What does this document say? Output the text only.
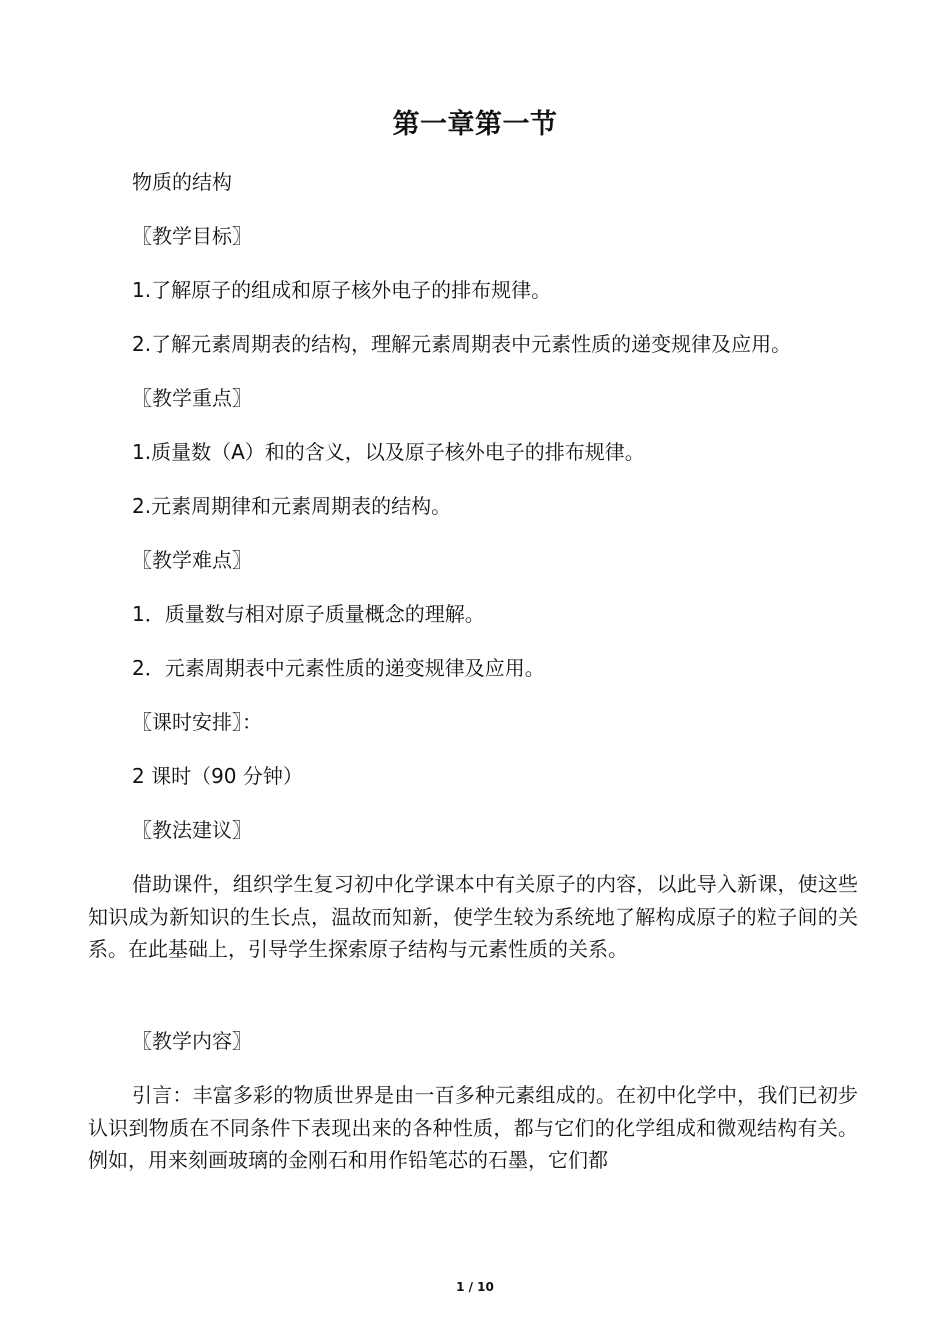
第一章第一节
物质的结构
〖教学目标〗
1.了解原子的组成和原子核外电子的排布规律。
2.了解元素周期表的结构，理解元素周期表中元素性质的递变规律及应用。
〖教学重点〗
1.质量数（A）和的含义，以及原子核外电子的排布规律。
2.元素周期律和元素周期表的结构。
〖教学难点〗
1．质量数与相对原子质量概念的理解。
2．元素周期表中元素性质的递变规律及应用。
〖课时安排〗：
2 课时（90 分钟）
〖教法建议〗
借助课件，组织学生复习初中化学课本中有关原子的内容，以此导入新课，使这些知识成为新知识的生长点，温故而知新，使学生较为系统地了解构成原子的粒子间的关系。在此基础上，引导学生探索原子结构与元素性质的关系。
〖教学内容〗
引言：丰富多彩的物质世界是由一百多种元素组成的。在初中化学中，我们已初步认识到物质在不同条件下表现出来的各种性质，都与它们的化学组成和微观结构有关。例如，用来刻画玻璃的金刚石和用作铅笔芯的石墨，它们都
1 / 10
